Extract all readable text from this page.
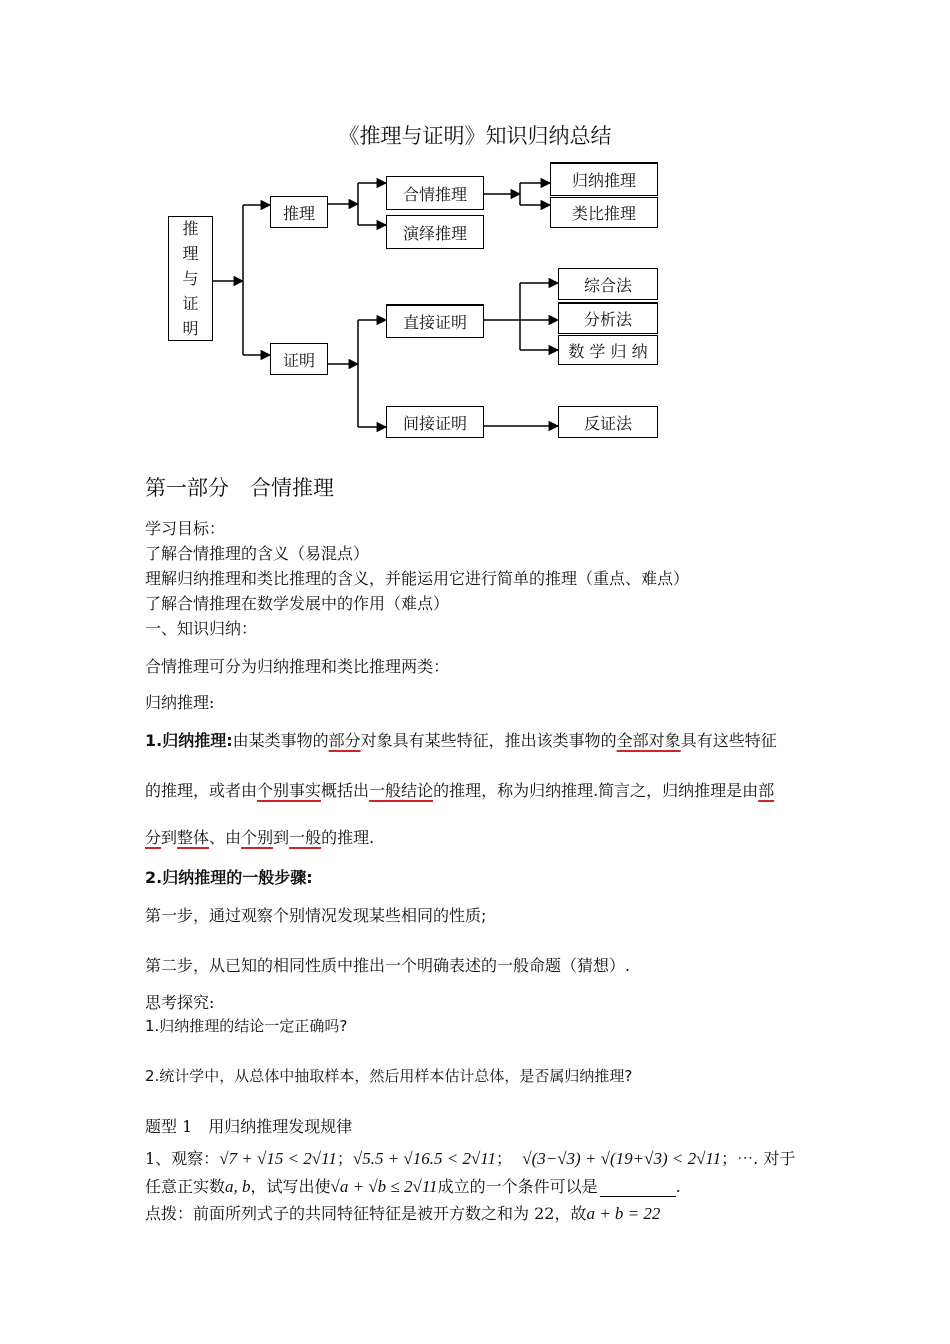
《推理与证明》知识归纳总结
推
理
与
证
明
推理
证明
合情推理
演绎推理
归纳推理
类比推理
直接证明
间接证明
综合法
分析法
数 学 归 纳
反证法
第一部分　合情推理
学习目标：
了解合情推理的含义（易混点）
理解归纳推理和类比推理的含义，并能运用它进行简单的推理（重点、难点）
了解合情推理在数学发展中的作用（难点）
一、知识归纳：
合情推理可分为归纳推理和类比推理两类：
归纳推理:
1.归纳推理:由某类事物的部分对象具有某些特征，推出该类事物的全部对象具有这些特征
的推理，或者由个别事实概括出一般结论的推理，称为归纳推理.简言之，归纳推理是由部
分到整体、由个别到一般的推理.
2.归纳推理的一般步骤:
第一步，通过观察个别情况发现某些相同的性质;
第二步，从已知的相同性质中推出一个明确表述的一般命题（猜想）.
思考探究:
1.归纳推理的结论一定正确吗?
2.统计学中，从总体中抽取样本，然后用样本估计总体，是否属归纳推理?
题型 1　用归纳推理发现规律
1、观察：√7 + √15 < 2√11；√5.5 + √16.5 < 2√11； √(3−√3) + √(19+√3) < 2√11；⋯. 对于
任意正实数a, b，试写出使√a + √b ≤ 2√11成立的一个条件可以是	.
点拨：前面所列式子的共同特征特征是被开方数之和为 22，故a + b = 22
